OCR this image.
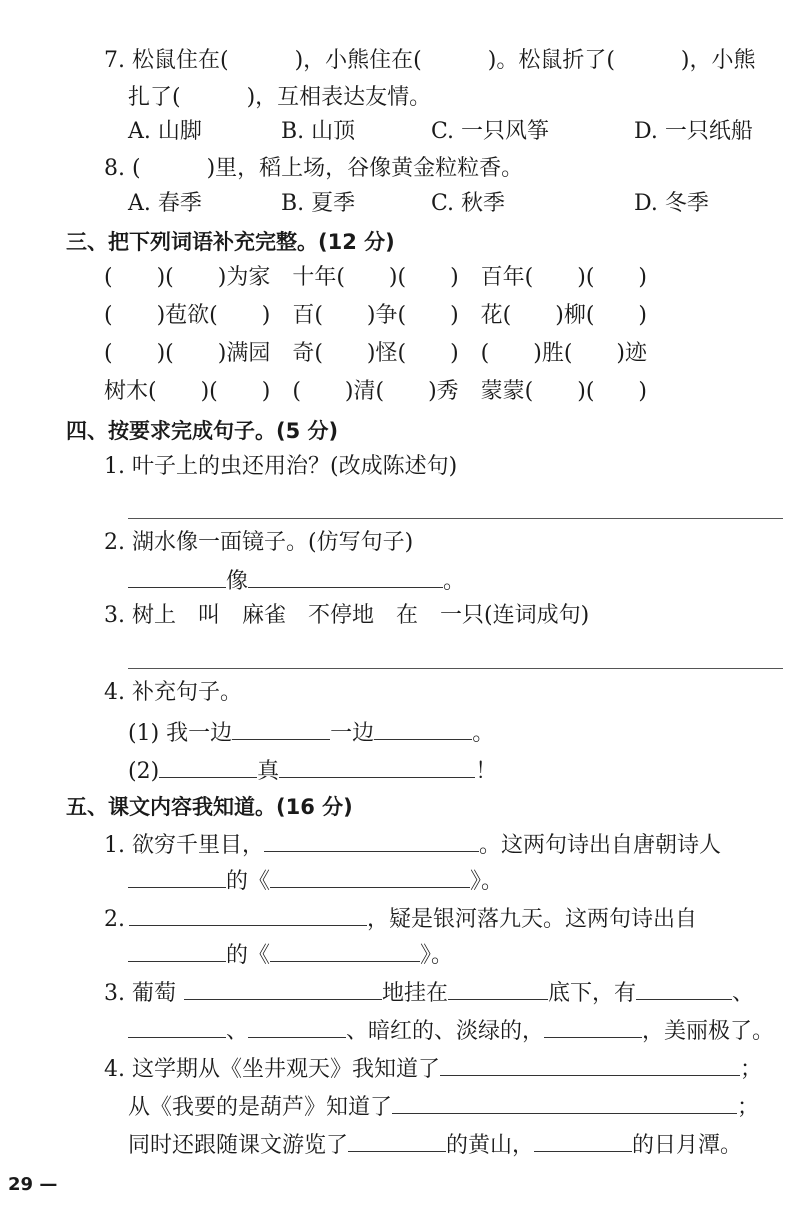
7. 松鼠住在(　　　)，小熊住在(　　　)。松鼠折了(　　　)，小熊
扎了(　　　)，互相表达友情。
A. 山脚	B. 山顶	C. 一只风筝	D. 一只纸船
8. (　　　)里，稻上场，谷像黄金粒粒香。
A. 春季	B. 夏季	C. 秋季	D. 冬季
三、把下列词语补充完整。(12 分)
(　　)(　　)为家　十年(　　)(　　)　百年(　　)(　　)
(　　)苞欲(　　)　百(　　)争(　　)　花(　　)柳(　　)
(　　)(　　)满园　奇(　　)怪(　　)　(　　)胜(　　)迹
树木(　　)(　　)　(　　)清(　　)秀　蒙蒙(　　)(　　)
四、按要求完成句子。(5 分)
1. 叶子上的虫还用治？(改成陈述句)
2. 湖水像一面镜子。(仿写句子)
像	。
3. 树上　叫　麻雀　不停地　在　一只(连词成句)
4. 补充句子。
(1) 我一边	一边	。
(2)	真	！
五、课文内容我知道。(16 分)
1. 欲穷千里目，	。这两句诗出自唐朝诗人
的《	》。
2.	，疑是银河落九天。这两句诗出自
的《	》。
3. 葡萄	地挂在	底下，有	、
、	、暗红的、淡绿的，	，美丽极了。
4. 这学期从《坐井观天》我知道了	；
从《我要的是葫芦》知道了	；
同时还跟随课文游览了	的黄山，	的日月潭。
29 —
